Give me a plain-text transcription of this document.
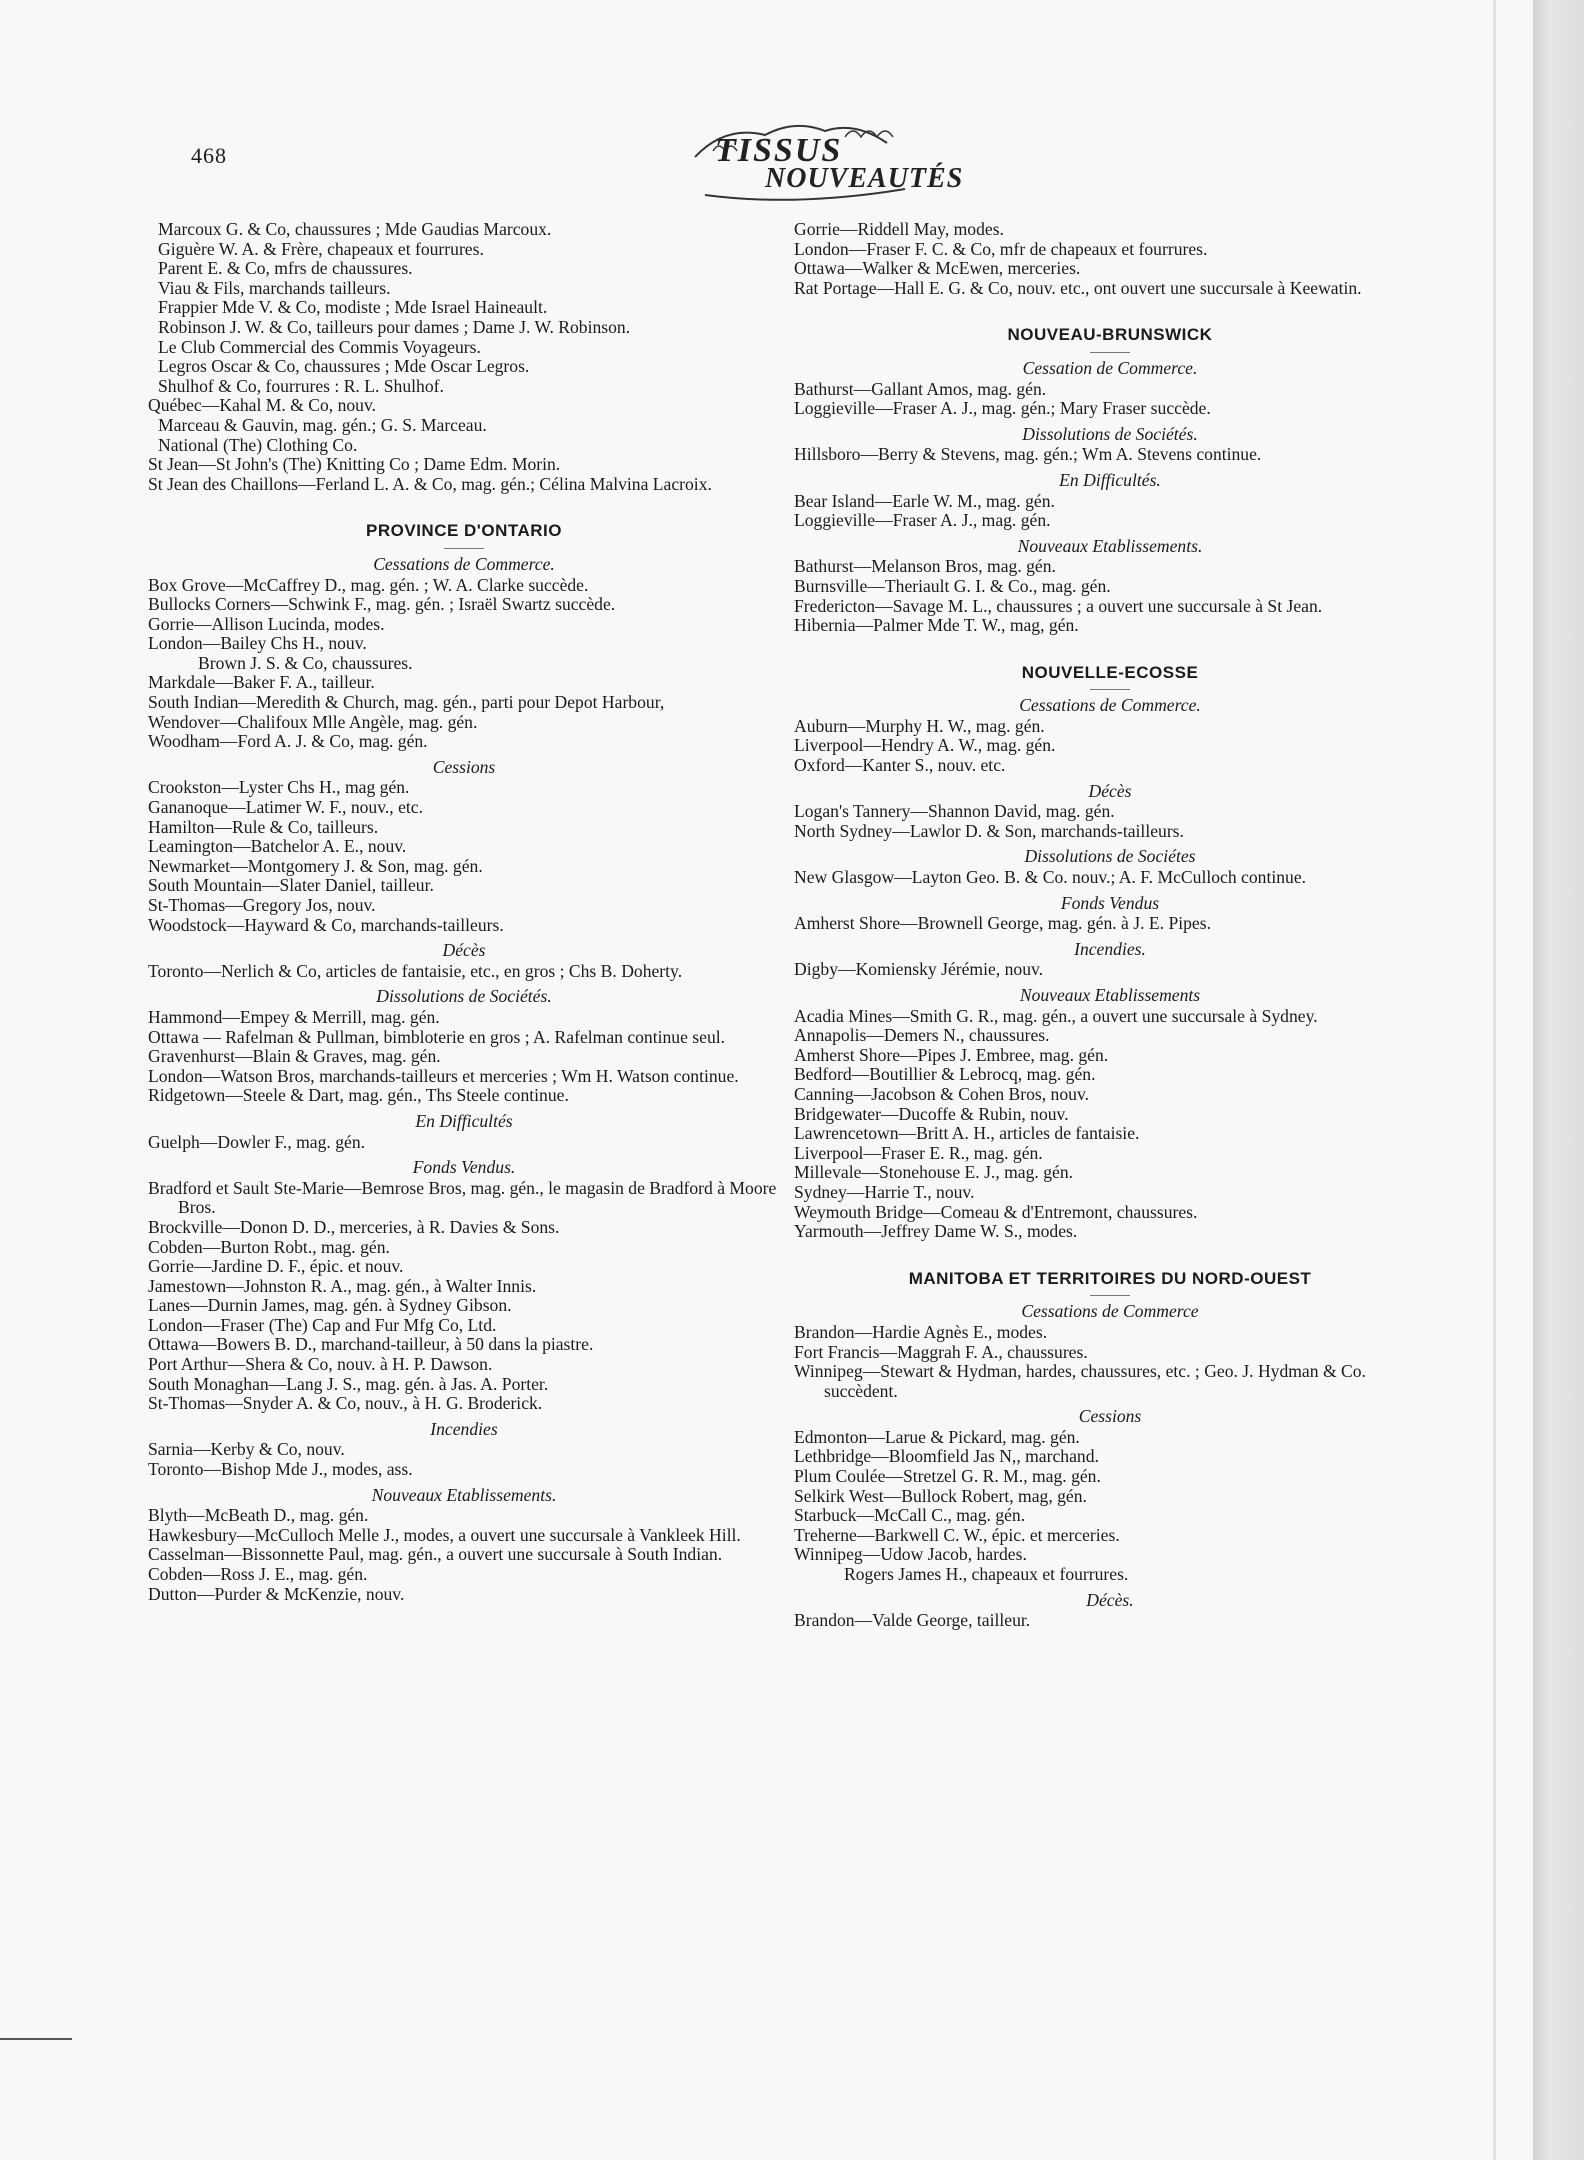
468	TISSUS
NOUVEAUTÉS
Marcoux G. & Co, chaussures ; Mde Gaudias Marcoux.
Giguère W. A. & Frère, chapeaux et fourrures.
Parent E. & Co, mfrs de chaussures.
Viau & Fils, marchands tailleurs.
Frappier Mde V. & Co, modiste ; Mde Israel Haineault.
Robinson J. W. & Co, tailleurs pour dames ; Dame J. W. Robinson.
Le Club Commercial des Commis Voyageurs.
Legros Oscar & Co, chaussures ; Mde Oscar Legros.
Shulhof & Co, fourrures : R. L. Shulhof.
Québec—Kahal M. & Co, nouv.
Marceau & Gauvin, mag. gén.; G. S. Marceau.
National (The) Clothing Co.
St Jean—St John's (The) Knitting Co ; Dame Edm. Morin.
St Jean des Chaillons—Ferland L. A. & Co, mag. gén.; Célina Malvina Lacroix.
PROVINCE D'ONTARIO
Cessations de Commerce.
Box Grove—McCaffrey D., mag. gén. ; W. A. Clarke succède.
Bullocks Corners—Schwink F., mag. gén. ; Israël Swartz succède.
Gorrie—Allison Lucinda, modes.
London—Bailey Chs H., nouv.
Brown J. S. & Co, chaussures.
Markdale—Baker F. A., tailleur.
South Indian—Meredith & Church, mag. gén., parti pour Depot Harbour,
Wendover—Chalifoux Mlle Angèle, mag. gén.
Woodham—Ford A. J. & Co, mag. gén.
Cessions
Crookston—Lyster Chs H., mag gén.
Gananoque—Latimer W. F., nouv., etc.
Hamilton—Rule & Co, tailleurs.
Leamington—Batchelor A. E., nouv.
Newmarket—Montgomery J. & Son, mag. gén.
South Mountain—Slater Daniel, tailleur.
St-Thomas—Gregory Jos, nouv.
Woodstock—Hayward & Co, marchands-tailleurs.
Décès
Toronto—Nerlich & Co, articles de fantaisie, etc., en gros ; Chs B. Doherty.
Dissolutions de Sociétés.
Hammond—Empey & Merrill, mag. gén.
Ottawa — Rafelman & Pullman, bimbloterie en gros ; A. Rafelman continue seul.
Gravenhurst—Blain & Graves, mag. gén.
London—Watson Bros, marchands-tailleurs et merceries ; Wm H. Watson continue.
Ridgetown—Steele & Dart, mag. gén., Ths Steele continue.
En Difficultés
Guelph—Dowler F., mag. gén.
Fonds Vendus.
Bradford et Sault Ste-Marie—Bemrose Bros, mag. gén., le magasin de Bradford à Moore Bros.
Brockville—Donon D. D., merceries, à R. Davies & Sons.
Cobden—Burton Robt., mag. gén.
Gorrie—Jardine D. F., épic. et nouv.
Jamestown—Johnston R. A., mag. gén., à Walter Innis.
Lanes—Durnin James, mag. gén. à Sydney Gibson.
London—Fraser (The) Cap and Fur Mfg Co, Ltd.
Ottawa—Bowers B. D., marchand-tailleur, à 50 dans la piastre.
Port Arthur—Shera & Co, nouv. à H. P. Dawson.
South Monaghan—Lang J. S., mag. gén. à Jas. A. Porter.
St-Thomas—Snyder A. & Co, nouv., à H. G. Broderick.
Incendies
Sarnia—Kerby & Co, nouv.
Toronto—Bishop Mde J., modes, ass.
Nouveaux Etablissements.
Blyth—McBeath D., mag. gén.
Hawkesbury—McCulloch Melle J., modes, a ouvert une succursale à Vankleek Hill.
Casselman—Bissonnette Paul, mag. gén., a ouvert une succursale à South Indian.
Cobden—Ross J. E., mag. gén.
Dutton—Purder & McKenzie, nouv.
Gorrie—Riddell May, modes.
London—Fraser F. C. & Co, mfr de chapeaux et fourrures.
Ottawa—Walker & McEwen, merceries.
Rat Portage—Hall E. G. & Co, nouv. etc., ont ouvert une succursale à Keewatin.
NOUVEAU-BRUNSWICK
Cessation de Commerce.
Bathurst—Gallant Amos, mag. gén.
Loggieville—Fraser A. J., mag. gén.; Mary Fraser succède.
Dissolutions de Sociétés.
Hillsboro—Berry & Stevens, mag. gén.; Wm A. Stevens continue.
En Difficultés.
Bear Island—Earle W. M., mag. gén.
Loggieville—Fraser A. J., mag. gén.
Nouveaux Etablissements.
Bathurst—Melanson Bros, mag. gén.
Burnsville—Theriault G. I. & Co., mag. gén.
Fredericton—Savage M. L., chaussures ; a ouvert une succursale à St Jean.
Hibernia—Palmer Mde T. W., mag, gén.
NOUVELLE-ECOSSE
Cessations de Commerce.
Auburn—Murphy H. W., mag. gén.
Liverpool—Hendry A. W., mag. gén.
Oxford—Kanter S., nouv. etc.
Décès
Logan's Tannery—Shannon David, mag. gén.
North Sydney—Lawlor D. & Son, marchands-tailleurs.
Dissolutions de Sociétes
New Glasgow—Layton Geo. B. & Co. nouv.; A. F. McCulloch continue.
Fonds Vendus
Amherst Shore—Brownell George, mag. gén. à J. E. Pipes.
Incendies.
Digby—Komiensky Jérémie, nouv.
Nouveaux Etablissements
Acadia Mines—Smith G. R., mag. gén., a ouvert une succursale à Sydney.
Annapolis—Demers N., chaussures.
Amherst Shore—Pipes J. Embree, mag. gén.
Bedford—Boutillier & Lebrocq, mag. gén.
Canning—Jacobson & Cohen Bros, nouv.
Bridgewater—Ducoffe & Rubin, nouv.
Lawrencetown—Britt A. H., articles de fantaisie.
Liverpool—Fraser E. R., mag. gén.
Millevale—Stonehouse E. J., mag. gén.
Sydney—Harrie T., nouv.
Weymouth Bridge—Comeau & d'Entremont, chaussures.
Yarmouth—Jeffrey Dame W. S., modes.
MANITOBA ET TERRITOIRES DU NORD-OUEST
Cessations de Commerce
Brandon—Hardie Agnès E., modes.
Fort Francis—Maggrah F. A., chaussures.
Winnipeg—Stewart & Hydman, hardes, chaussures, etc. ; Geo. J. Hydman & Co. succèdent.
Cessions
Edmonton—Larue & Pickard, mag. gén.
Lethbridge—Bloomfield Jas N,, marchand.
Plum Coulée—Stretzel G. R. M., mag. gén.
Selkirk West—Bullock Robert, mag, gén.
Starbuck—McCall C., mag. gén.
Treherne—Barkwell C. W., épic. et merceries.
Winnipeg—Udow Jacob, hardes.
Rogers James H., chapeaux et fourrures.
Décès.
Brandon—Valde George, tailleur.
